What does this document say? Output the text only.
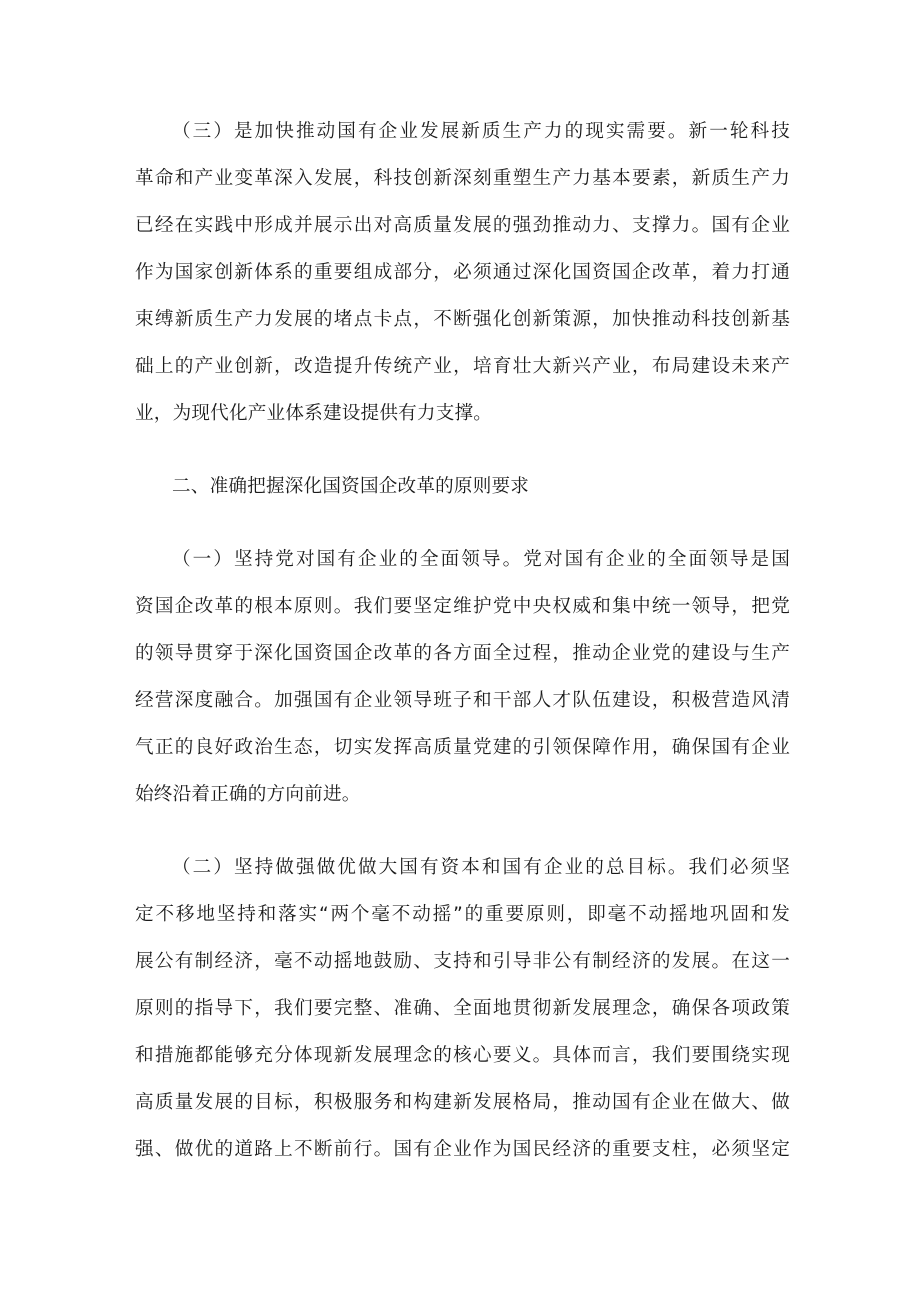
（三）是加快推动国有企业发展新质生产力的现实需要。新一轮科技
革命和产业变革深入发展，科技创新深刻重塑生产力基本要素，新质生产力
已经在实践中形成并展示出对高质量发展的强劲推动力、支撑力。国有企业
作为国家创新体系的重要组成部分，必须通过深化国资国企改革，着力打通
束缚新质生产力发展的堵点卡点，不断强化创新策源，加快推动科技创新基
础上的产业创新，改造提升传统产业，培育壮大新兴产业，布局建设未来产
业，为现代化产业体系建设提供有力支撑。
二、准确把握深化国资国企改革的原则要求
（一）坚持党对国有企业的全面领导。党对国有企业的全面领导是国
资国企改革的根本原则。我们要坚定维护党中央权威和集中统一领导，把党
的领导贯穿于深化国资国企改革的各方面全过程，推动企业党的建设与生产
经营深度融合。加强国有企业领导班子和干部人才队伍建设，积极营造风清
气正的良好政治生态，切实发挥高质量党建的引领保障作用，确保国有企业
始终沿着正确的方向前进。
（二）坚持做强做优做大国有资本和国有企业的总目标。我们必须坚
定不移地坚持和落实“两个毫不动摇”的重要原则，即毫不动摇地巩固和发
展公有制经济，毫不动摇地鼓励、支持和引导非公有制经济的发展。在这一
原则的指导下，我们要完整、准确、全面地贯彻新发展理念，确保各项政策
和措施都能够充分体现新发展理念的核心要义。具体而言，我们要围绕实现
高质量发展的目标，积极服务和构建新发展格局，推动国有企业在做大、做
强、做优的道路上不断前行。国有企业作为国民经济的重要支柱，必须坚定
